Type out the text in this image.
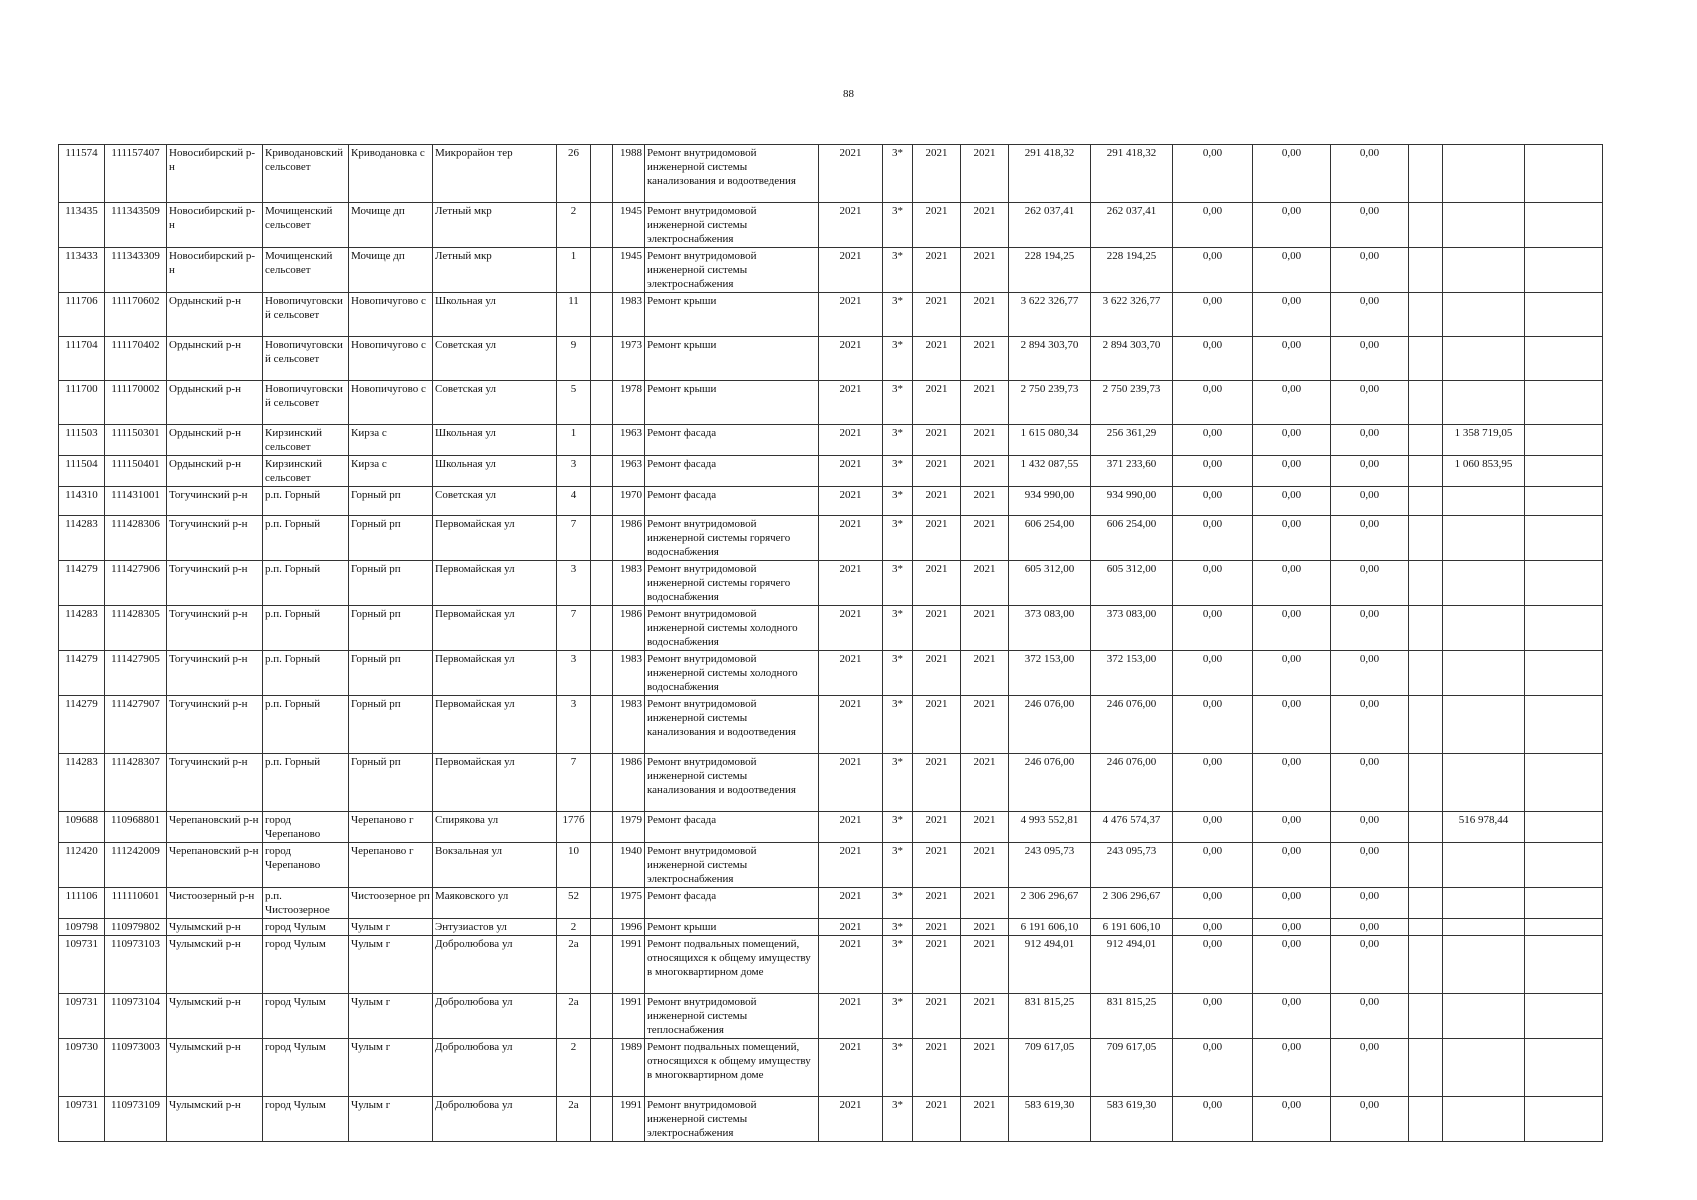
88
111574	111157407	Новосибирский р-н	Криводановский сельсовет	Криводановка с	Микрорайон тер	26		1988	Ремонт внутридомовой инженерной системы канализования и водоотведения	2021	3*	2021	2021	291 418,32	291 418,32	0,00	0,00	0,00			
113435	111343509	Новосибирский р-н	Мочищенский сельсовет	Мочище дп	Летный мкр	2		1945	Ремонт внутридомовой инженерной системы электроснабжения	2021	3*	2021	2021	262 037,41	262 037,41	0,00	0,00	0,00			
113433	111343309	Новосибирский р-н	Мочищенский сельсовет	Мочище дп	Летный мкр	1		1945	Ремонт внутридомовой инженерной системы электроснабжения	2021	3*	2021	2021	228 194,25	228 194,25	0,00	0,00	0,00			
111706	111170602	Ордынский р-н	Новопичуговский сельсовет	Новопичугово с	Школьная ул	11		1983	Ремонт крыши	2021	3*	2021	2021	3 622 326,77	3 622 326,77	0,00	0,00	0,00			
111704	111170402	Ордынский р-н	Новопичуговский сельсовет	Новопичугово с	Советская ул	9		1973	Ремонт крыши	2021	3*	2021	2021	2 894 303,70	2 894 303,70	0,00	0,00	0,00			
111700	111170002	Ордынский р-н	Новопичуговский сельсовет	Новопичугово с	Советская ул	5		1978	Ремонт крыши	2021	3*	2021	2021	2 750 239,73	2 750 239,73	0,00	0,00	0,00			
111503	111150301	Ордынский р-н	Кирзинский сельсовет	Кирза с	Школьная ул	1		1963	Ремонт фасада	2021	3*	2021	2021	1 615 080,34	256 361,29	0,00	0,00	0,00		1 358 719,05	
111504	111150401	Ордынский р-н	Кирзинский сельсовет	Кирза с	Школьная ул	3		1963	Ремонт фасада	2021	3*	2021	2021	1 432 087,55	371 233,60	0,00	0,00	0,00		1 060 853,95	
114310	111431001	Тогучинский р-н	р.п. Горный	Горный рп	Советская ул	4		1970	Ремонт фасада	2021	3*	2021	2021	934 990,00	934 990,00	0,00	0,00	0,00			
114283	111428306	Тогучинский р-н	р.п. Горный	Горный рп	Первомайская ул	7		1986	Ремонт внутридомовой инженерной системы горячего водоснабжения	2021	3*	2021	2021	606 254,00	606 254,00	0,00	0,00	0,00			
114279	111427906	Тогучинский р-н	р.п. Горный	Горный рп	Первомайская ул	3		1983	Ремонт внутридомовой инженерной системы горячего водоснабжения	2021	3*	2021	2021	605 312,00	605 312,00	0,00	0,00	0,00			
114283	111428305	Тогучинский р-н	р.п. Горный	Горный рп	Первомайская ул	7		1986	Ремонт внутридомовой инженерной системы холодного водоснабжения	2021	3*	2021	2021	373 083,00	373 083,00	0,00	0,00	0,00			
114279	111427905	Тогучинский р-н	р.п. Горный	Горный рп	Первомайская ул	3		1983	Ремонт внутридомовой инженерной системы холодного водоснабжения	2021	3*	2021	2021	372 153,00	372 153,00	0,00	0,00	0,00			
114279	111427907	Тогучинский р-н	р.п. Горный	Горный рп	Первомайская ул	3		1983	Ремонт внутридомовой инженерной системы канализования и водоотведения	2021	3*	2021	2021	246 076,00	246 076,00	0,00	0,00	0,00			
114283	111428307	Тогучинский р-н	р.п. Горный	Горный рп	Первомайская ул	7		1986	Ремонт внутридомовой инженерной системы канализования и водоотведения	2021	3*	2021	2021	246 076,00	246 076,00	0,00	0,00	0,00			
109688	110968801	Черепановский р-н	город Черепаново	Черепаново г	Спирякова ул	177б		1979	Ремонт фасада	2021	3*	2021	2021	4 993 552,81	4 476 574,37	0,00	0,00	0,00		516 978,44	
112420	111242009	Черепановский р-н	город Черепаново	Черепаново г	Вокзальная ул	10		1940	Ремонт внутридомовой инженерной системы электроснабжения	2021	3*	2021	2021	243 095,73	243 095,73	0,00	0,00	0,00			
111106	111110601	Чистоозерный р-н	р.п. Чистоозерное	Чистоозерное рп	Маяковского ул	52		1975	Ремонт фасада	2021	3*	2021	2021	2 306 296,67	2 306 296,67	0,00	0,00	0,00			
109798	110979802	Чулымский р-н	город Чулым	Чулым г	Энтузиастов ул	2		1996	Ремонт крыши	2021	3*	2021	2021	6 191 606,10	6 191 606,10	0,00	0,00	0,00			
109731	110973103	Чулымский р-н	город Чулым	Чулым г	Добролюбова ул	2а		1991	Ремонт подвальных помещений, относящихся к общему имуществу в многоквартирном доме	2021	3*	2021	2021	912 494,01	912 494,01	0,00	0,00	0,00			
109731	110973104	Чулымский р-н	город Чулым	Чулым г	Добролюбова ул	2а		1991	Ремонт внутридомовой инженерной системы теплоснабжения	2021	3*	2021	2021	831 815,25	831 815,25	0,00	0,00	0,00			
109730	110973003	Чулымский р-н	город Чулым	Чулым г	Добролюбова ул	2		1989	Ремонт подвальных помещений, относящихся к общему имуществу в многоквартирном доме	2021	3*	2021	2021	709 617,05	709 617,05	0,00	0,00	0,00			
109731	110973109	Чулымский р-н	город Чулым	Чулым г	Добролюбова ул	2а		1991	Ремонт внутридомовой инженерной системы электроснабжения	2021	3*	2021	2021	583 619,30	583 619,30	0,00	0,00	0,00			
